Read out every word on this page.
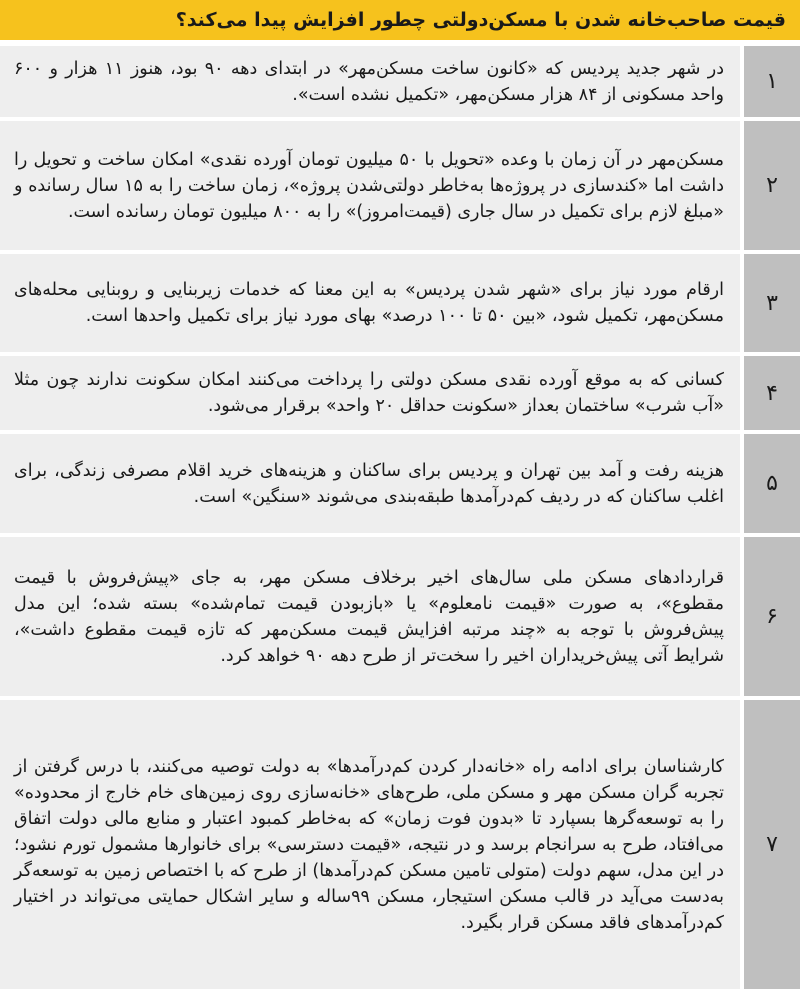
قیمت صاحب‌خانه شدن با مسکن‌دولتی چطور افزایش پیدا می‌کند؟
۱

در شهر جدید پردیس که «کانون ساخت مسکن‌مهر» در ابتدای دهه ۹۰ بود، هنوز ۱۱ هزار و ۶۰۰ واحد مسکونی از ۸۴ هزار مسکن‌مهر، «تکمیل نشده است».

۲

مسکن‌مهر در آن زمان با وعده «تحویل با ۵۰ میلیون تومان آورده نقدی» امکان ساخت و تحویل را داشت اما «کندسازی در پروژه‌ها به‌خاطر دولتی‌شدن پروژه»، زمان ساخت را به ۱۵ سال رسانده و «مبلغ لازم برای تکمیل در سال جاری (قیمت‌امروز)» را به ۸۰۰ میلیون تومان رسانده است.

۳

ارقام مورد نیاز برای «شهر شدن پردیس» به این معنا که خدمات زیربنایی و روبنایی محله‌های مسکن‌مهر، تکمیل شود، «بین ۵۰ تا ۱۰۰ درصد» بهای مورد نیاز برای تکمیل واحدها است.

۴

کسانی که به موقع آورده نقدی مسکن دولتی را پرداخت می‌کنند امکان سکونت ندارند چون مثلا «آب شرب» ساختمان بعداز «سکونت حداقل ۲۰ واحد» برقرار می‌شود.

۵

هزینه رفت و آمد بین تهران و پردیس برای ساکنان و هزینه‌های خرید اقلام مصرفی زندگی، برای اغلب ساکنان که در ردیف کم‌درآمدها طبقه‌بندی می‌شوند «سنگین» است.

۶

قراردادهای مسکن ملی سال‌های اخیر برخلاف مسکن مهر، به جای «پیش‌فروش با قیمت مقطوع»، به صورت «قیمت نامعلوم» یا «بازبودن قیمت تمام‌شده» بسته شده؛ این مدل پیش‌فروش با توجه به «چند مرتبه افزایش قیمت مسکن‌مهر که تازه قیمت مقطوع داشت»، شرایط آتی پیش‌خریداران اخیر را سخت‌تر از طرح دهه ۹۰ خواهد کرد.

۷

کارشناسان برای ادامه راه «خانه‌دار کردن کم‌درآمدها» به دولت توصیه می‌کنند، با درس گرفتن از تجربه گران مسکن مهر و مسکن ملی، طرح‌های «خانه‌سازی روی زمین‌های خام خارج از محدوده» را به توسعه‌گرها بسپارد تا «بدون فوت زمان» که به‌خاطر کمبود اعتبار و منابع مالی دولت اتفاق می‌افتاد، طرح به سرانجام برسد و در نتیجه، «قیمت دسترسی» برای خانوارها مشمول تورم نشود؛ در این مدل، سهم دولت (متولی تامین مسکن کم‌درآمدها) از طرح که با اختصاص زمین به توسعه‌گر به‌دست می‌آید در قالب مسکن استیجار، مسکن ۹۹ساله و سایر اشکال حمایتی می‌تواند در اختیار کم‌درآمدهای فاقد مسکن قرار بگیرد.
